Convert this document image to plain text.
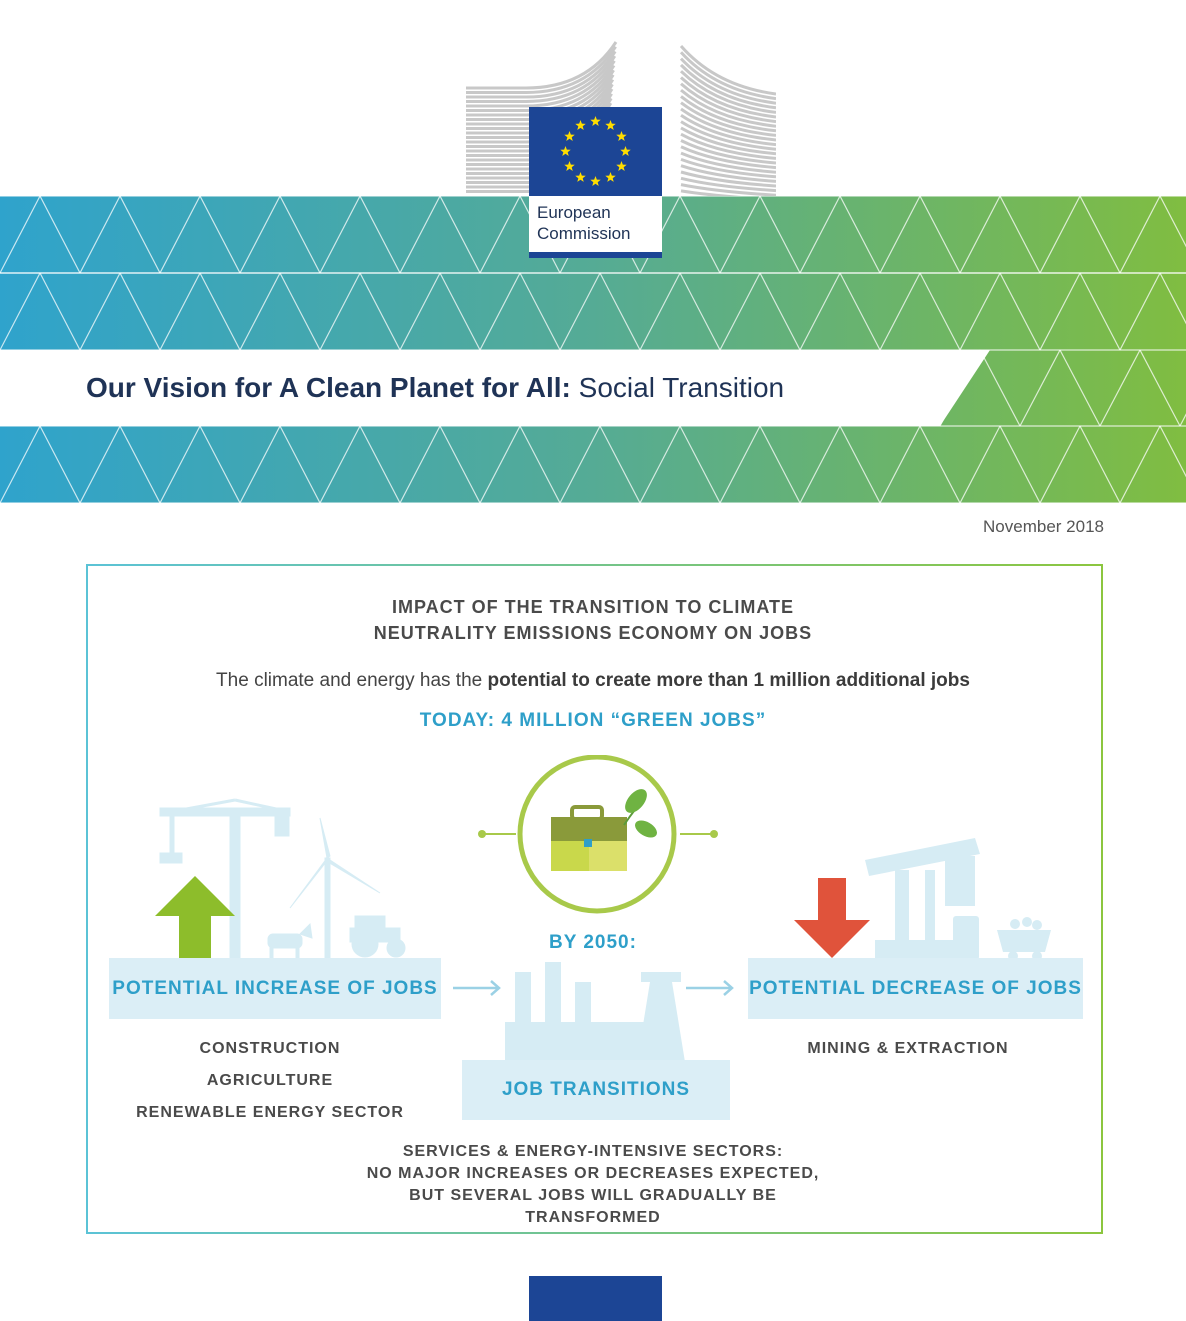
Our Vision for A Clean Planet for All: Social Transition
European
Commission
November 2018
IMPACT OF THE TRANSITION TO CLIMATE
NEUTRALITY EMISSIONS ECONOMY ON JOBS
The climate and energy has the potential to create more than 1 million additional jobs
TODAY: 4 MILLION “GREEN JOBS”
POTENTIAL INCREASE OF JOBS
BY 2050:
JOB TRANSITIONS
POTENTIAL DECREASE OF JOBS
CONSTRUCTION
AGRICULTURE
RENEWABLE ENERGY SECTOR
MINING & EXTRACTION
SERVICES & ENERGY-INTENSIVE SECTORS:
NO MAJOR INCREASES OR DECREASES EXPECTED,
BUT SEVERAL JOBS WILL GRADUALLY BE
TRANSFORMED
